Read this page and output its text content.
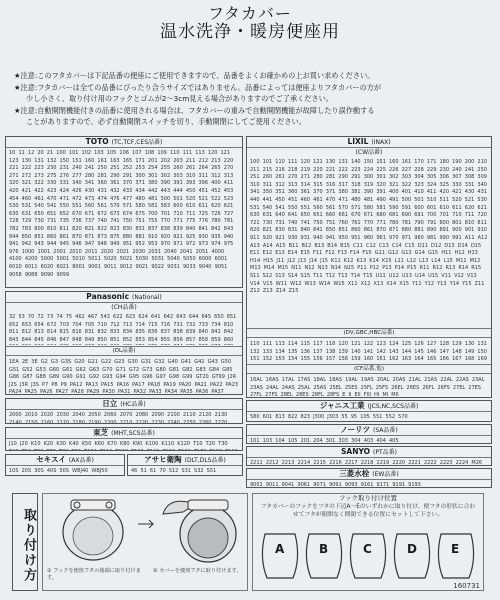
フタカバー
温水洗浄・暖房便座用
★注意:このフタカバーは下記品番の便座にご使用できますので、品番をよくお確かめの上お買い求めください。
★注意:フタカバーは全ての品番にぴったり合うサイズではありません。品番によっては便座よりフタカバーの方が
少し小さく、取り付け用のフックとゴムが2〜3cm見える場合がありますのでご了承ください。
★注意:自動開閉機能付きの品番に使用される場合は、フタカバーの重みで自動開閉機能が故障したり誤作動する
ことがありますので、必ず自動開閉スイッチを切り、手動開閉にしてご使用ください。
TOTO (TC,TCF,CES品番)
10 11 12 20 21 100 101 102 103 105 106 107 108 109 110 111 113 120 121 123 130 131 132 150 151 160 161 163 165 171 201 202 203 211 212 213 220 221 222 223 230 231 240 241 250 251 252 253 254 255 260 261 264 265 270 271 272 273 275 276 277 280 281 290 291 300 301 302 303 310 311 312 313 320 321 322 330 331 340 341 360 361 370 371 380 390 391 393 396 400 411 420 421 422 423 424 426 430 431 432 433 434 442 443 444 450 451 452 453 454 460 461 470 471 472 473 474 476 477 480 481 500 501 520 521 522 523 530 531 540 541 550 551 560 561 570 571 580 581 583 600 610 611 620 621 630 631 650 651 652 670 671 672 673 674 675 700 701 710 711 725 726 727 728 729 730 731 735 736 737 740 741 750 751 755 770 771 775 776 780 781 782 783 800 810 811 820 821 822 823 830 831 837 838 839 840 841 842 843 844 850 851 860 861 870 871 873 875 880 881 910 920 921 925 930 935 940 941 942 943 944 945 946 947 948 949 951 952 953 970 971 972 973 974 975 976 1000 1001 2001 2010 2011 2020 2021 2030 2031 2040 2041 2051 4000 4100 4200 5000 5001 5010 5011 5020 5021 5030 5031 5040 5050 6000 6001 6010 6011 6020 6021 8001 9001 9011 9012 9021 9022 9031 9033 9040 9051 9058 9088 9090 9099
Panasonic (National)
(CH品番)
32 53 70 72 73 74 75 462 467 543 622 623 624 641 642 643 644 645 650 651 652 653 654 672 703 704 705 710 712 713 714 715 716 731 732 733 734 810 811 812 813 814 815 816 831 832 833 834 835 836 837 838 839 840 841 842 843 844 845 846 847 848 849 850 851 852 853 854 855 856 857 858 859 860
(DL品番)
1EA 2E 3E G2 G3 G3S G20 G21 G22 G23 G30 G31 G32 G40 G41 G42 G43 G50 G51 G52 G53 G60 G61 G62 G63 G70 G71 G72 G73 G80 G81 G82 G83 G84 G85 G86 G87 G88 G89 G90 G91 G92 G93 G94 G95 G96 G97 G98 G99 GT20 GT99 J2R J2S J3R J3S P7 P8 P9 PA12 PA13 PA15 PA16 PA17 PA18 PA19 PA20 PA21 PA22 PA23 PA24 PA25 PA26 PA27 PA28 PA29 PA30 PA31 PA32 PA33 PA34 PA35 PA36 PA37
日立 (HC品番)
2000 2010 2020 2030 2040 2050 2060 2070 2080 2090 2100 2110 2120 2130 2140 2150 2160 2170 2180 2190 2200 2210 2220 2230 2240 2250 2260 2270
東芝 (MHT,SCS品番)
J10 J20 K10 K20 K30 K40 K50 K60 K70 K80 K90 K100 K110 K120 T10 T20 T30
セキスイ (AX品番)
10S 20S 30S 40S 50S WBJ40 WBJ50
アサヒ衛陶 (DLT,DLS品番)
46 51 61 70 S12 S31 S32 S51
LIXIL (INAX)
(CW品番)
100 101 110 111 120 121 130 131 140 150 151 160 161 170 171 180 190 200 210 211 215 216 218 219 220 221 222 223 224 225 226 227 228 229 230 240 241 250 251 260 261 270 271 280 281 290 291 300 301 302 303 304 305 306 307 308 309 310 311 312 313 314 315 316 317 318 319 320 321 322 323 324 325 330 331 340 341 350 351 360 361 370 371 380 381 390 391 400 401 410 411 420 421 430 431 440 441 450 451 460 461 470 471 480 481 490 491 500 501 510 511 520 521 530 531 540 541 550 551 560 561 570 571 580 581 590 591 600 601 610 611 620 621 630 631 640 641 650 651 660 661 670 671 680 681 690 691 700 701 710 711 720 721 730 731 740 741 750 751 760 761 770 771 780 781 790 791 800 801 810 811 820 821 830 831 840 841 850 851 860 861 870 871 880 881 890 891 900 901 910 911 920 921 930 931 940 941 950 951 960 961 970 971 980 981 990 991 A11 A12 A13 A14 A15 B11 B12 B13 B14 B15 C11 C12 C13 C14 C15 D11 D12 D13 D14 D15 E11 E12 E13 E14 E15 F11 F12 F13 F14 F15 G11 G12 G13 G14 G15 H11 H12 H13 H14 H15 J11 J12 J13 J14 J15 K11 K12 K13 K14 K15 L11 L12 L13 L14 L15 M11 M12 M13 M14 M15 N11 N12 N13 N14 N15 P11 P12 P13 P14 P15 R11 R12 R13 R14 R15 S11 S12 S13 S14 S15 T11 T12 T13 T14 T15 U11 U12 U13 U14 U15 V11 V12 V13 V14 V15 W11 W12 W13 W14 W15 X11 X12 X13 X14 X15 Y11 Y12 Y13 Y14 Y15 Z11 Z12 Z13 Z14 Z15
(DV,GBC,HBC品番)
110 111 113 114 115 117 118 120 121 122 123 124 125 126 127 128 129 130 131 132 133 134 135 136 137 138 139 140 141 142 143 144 145 146 147 148 149 150 151 152 153 154 155 156 157 158 159 160 161 162 163 164 165 166 167 168 169
(CF品番,他)
16AL 16AS 17AL 17AS 18AL 18AS 19AL 19AS 20AL 20AS 21AL 21AS 22AL 22AS 23AL 23AS 24AL 24AS 25AL 25AS 25EL 25ES 25FL 25FS 26EL 26ES 26FL 26FS 27EL 27ES 27FL 27FS 28EL 28ES 28FL 28FS E II EII FIII HI MI MII
ジャニス工業 (JCS,NC,SCS品番)
580 601 813 822 823 J300 J303 55 95 105 551 552 570
ノーリツ (SA品番)
101 103 104 105 201 204 301 303 304 403 404 405
SANYO (PT品番)
2211 2212 2213 2214 2215 2216 2217 2218 2219 2220 2221 2222 2223 2224 M26
三菱水栓 (EW品番)
9001 9011 9041 9061 9071 9091 9093 9161 9171 9191 9193
取り付け方	① フックを便座フタの後端に取り付けます。
② カバーを便座フタに取り付けます。
フック取り付け位置
フタカバーのフックをフタの下辺A〜Eのいずれかに取り付け、便フタの形状に合わせてフタが閉開なく開閉できる位置にセットして下さい。
A	B	C	D	E
160731
